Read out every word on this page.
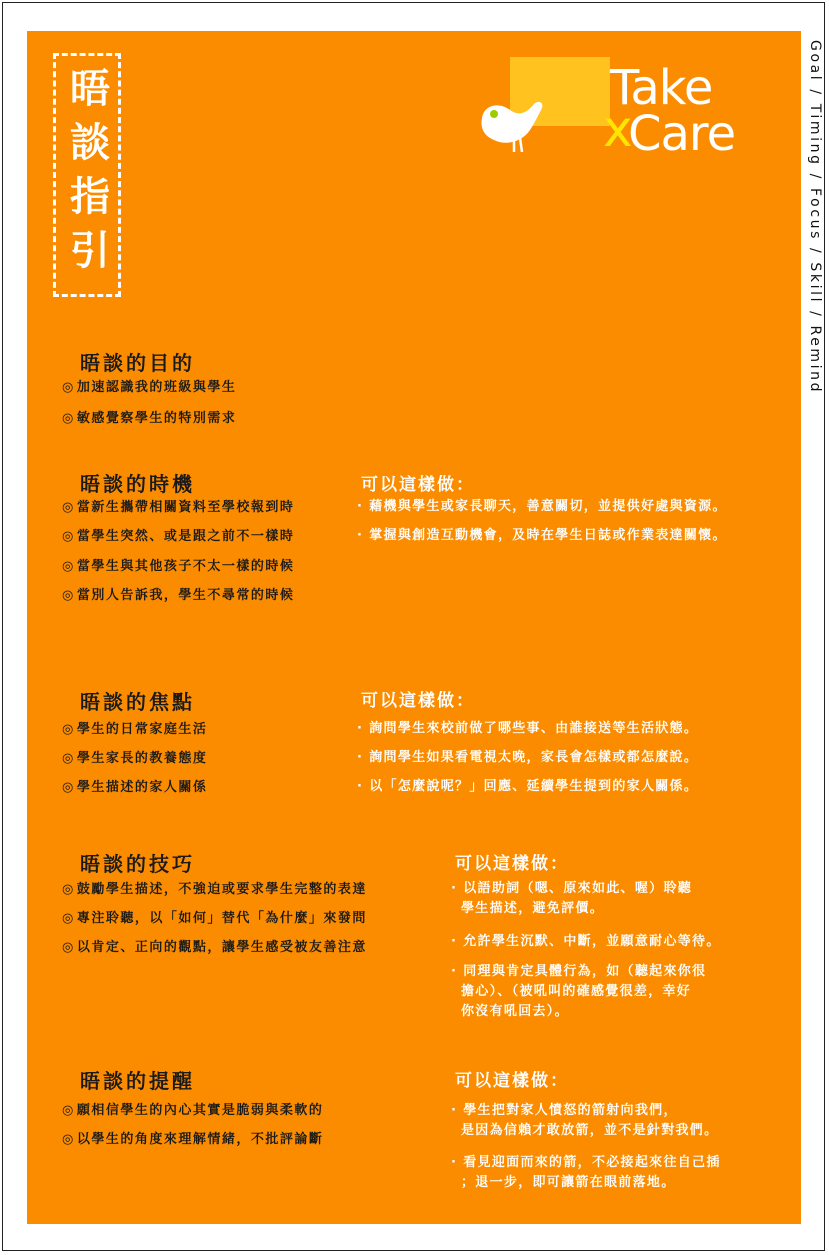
晤談指引	Goal / Timing / Focus / Skill / Remind
Take
x
Care
晤談的目的
◎ 加速認識我的班級與學生
◎ 敏感覺察學生的特別需求
晤談的時機	可以這樣做：
◎ 當新生攜帶相關資料至學校報到時
◎ 當學生突然、或是跟之前不一樣時
◎ 當學生與其他孩子不太一樣的時候
◎ 當別人告訴我，學生不尋常的時候
· 藉機與學生或家長聊天，善意關切，並提供好處與資源。
· 掌握與創造互動機會，及時在學生日誌或作業表達關懷。
晤談的焦點	可以這樣做：
◎ 學生的日常家庭生活
◎ 學生家長的教養態度
◎ 學生描述的家人關係
· 詢問學生來校前做了哪些事、由誰接送等生活狀態。
· 詢問學生如果看電視太晚，家長會怎樣或都怎麼說。
· 以「怎麼說呢？」回應、延續學生提到的家人關係。
晤談的技巧	可以這樣做：
◎ 鼓勵學生描述，不強迫或要求學生完整的表達
◎ 專注聆聽，以「如何」替代「為什麼」來發問
◎ 以肯定、正向的觀點，讓學生感受被友善注意
· 以語助詞（嗯、原來如此、喔）聆聽
學生描述，避免評價。
· 允許學生沉默、中斷，並願意耐心等待。
· 同理與肯定具體行為，如（聽起來你很
擔心）、（被吼叫的確感覺很差，幸好
你沒有吼回去）。
晤談的提醒	可以這樣做：
◎ 願相信學生的內心其實是脆弱與柔軟的
◎ 以學生的角度來理解情緒，不批評論斷
· 學生把對家人憤怒的箭射向我們，
是因為信賴才敢放箭，並不是針對我們。
· 看見迎面而來的箭，不必接起來往自己插
；退一步，即可讓箭在眼前落地。
